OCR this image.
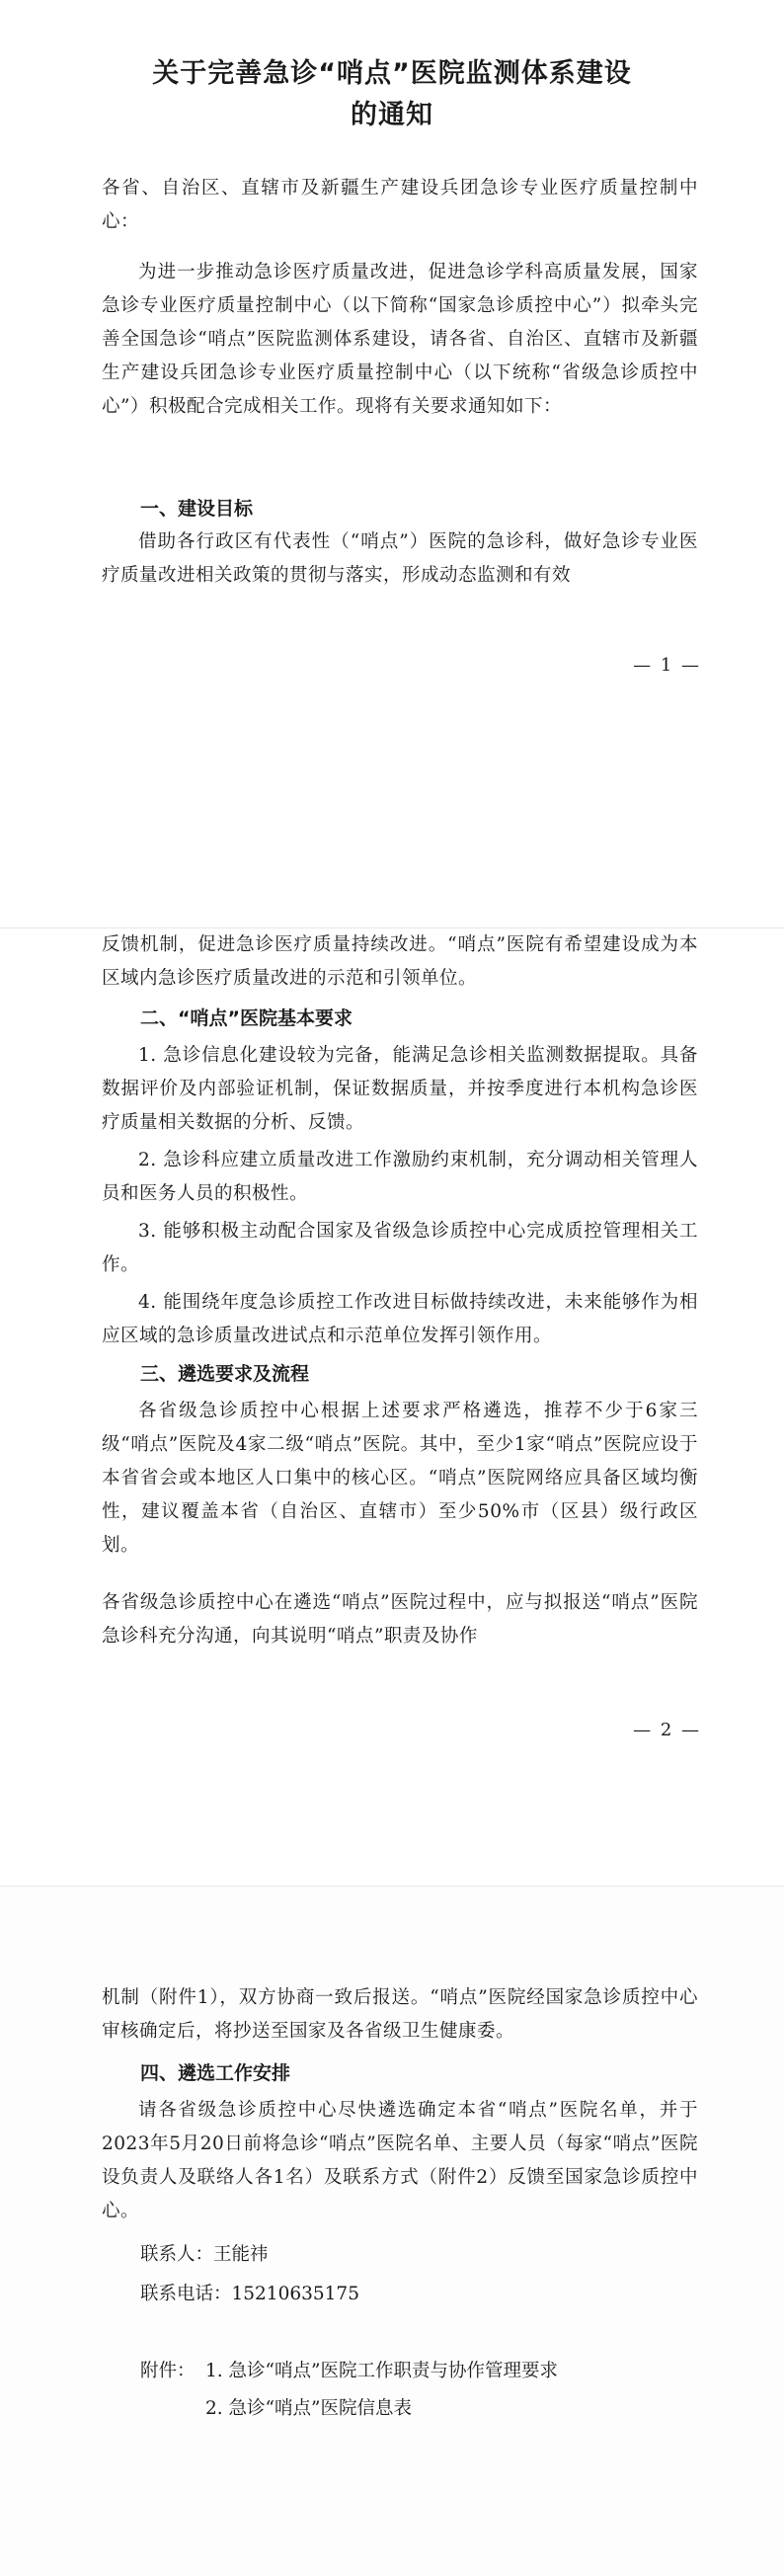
关于完善急诊“哨点”医院监测体系建设
的通知

各省、自治区、直辖市及新疆生产建设兵团急诊专业医疗质量控制中心：

为进一步推动急诊医疗质量改进，促进急诊学科高质量发展，国家急诊专业医疗质量控制中心（以下简称“国家急诊质控中心”）拟牵头完善全国急诊“哨点”医院监测体系建设，请各省、自治区、直辖市及新疆生产建设兵团急诊专业医疗质量控制中心（以下统称“省级急诊质控中心”）积极配合完成相关工作。现将有关要求通知如下：

一、建设目标

借助各行政区有代表性（“哨点”）医院的急诊科，做好急诊专业医疗质量改进相关政策的贯彻与落实，形成动态监测和有效

— 1 —

反馈机制，促进急诊医疗质量持续改进。“哨点”医院有希望建设成为本区域内急诊医疗质量改进的示范和引领单位。

二、“哨点”医院基本要求

1. 急诊信息化建设较为完备，能满足急诊相关监测数据提取。具备数据评价及内部验证机制，保证数据质量，并按季度进行本机构急诊医疗质量相关数据的分析、反馈。

2. 急诊科应建立质量改进工作激励约束机制，充分调动相关管理人员和医务人员的积极性。

3. 能够积极主动配合国家及省级急诊质控中心完成质控管理相关工作。

4. 能围绕年度急诊质控工作改进目标做持续改进，未来能够作为相应区域的急诊质量改进试点和示范单位发挥引领作用。

三、遴选要求及流程

各省级急诊质控中心根据上述要求严格遴选，推荐不少于6家三级“哨点”医院及4家二级“哨点”医院。其中，至少1家“哨点”医院应设于本省省会或本地区人口集中的核心区。“哨点”医院网络应具备区域均衡性，建议覆盖本省（自治区、直辖市）至少50%市（区县）级行政区划。

各省级急诊质控中心在遴选“哨点”医院过程中，应与拟报送“哨点”医院急诊科充分沟通，向其说明“哨点”职责及协作

— 2 —

机制（附件1），双方协商一致后报送。“哨点”医院经国家急诊质控中心审核确定后，将抄送至国家及各省级卫生健康委。

四、遴选工作安排

请各省级急诊质控中心尽快遴选确定本省“哨点”医院名单，并于2023年5月20日前将急诊“哨点”医院名单、主要人员（每家“哨点”医院设负责人及联络人各1名）及联系方式（附件2）反馈至国家急诊质控中心。

联系人：王能祎

联系电话：15210635175

附件： 1. 急诊“哨点”医院工作职责与协作管理要求

2. 急诊“哨点”医院信息表
